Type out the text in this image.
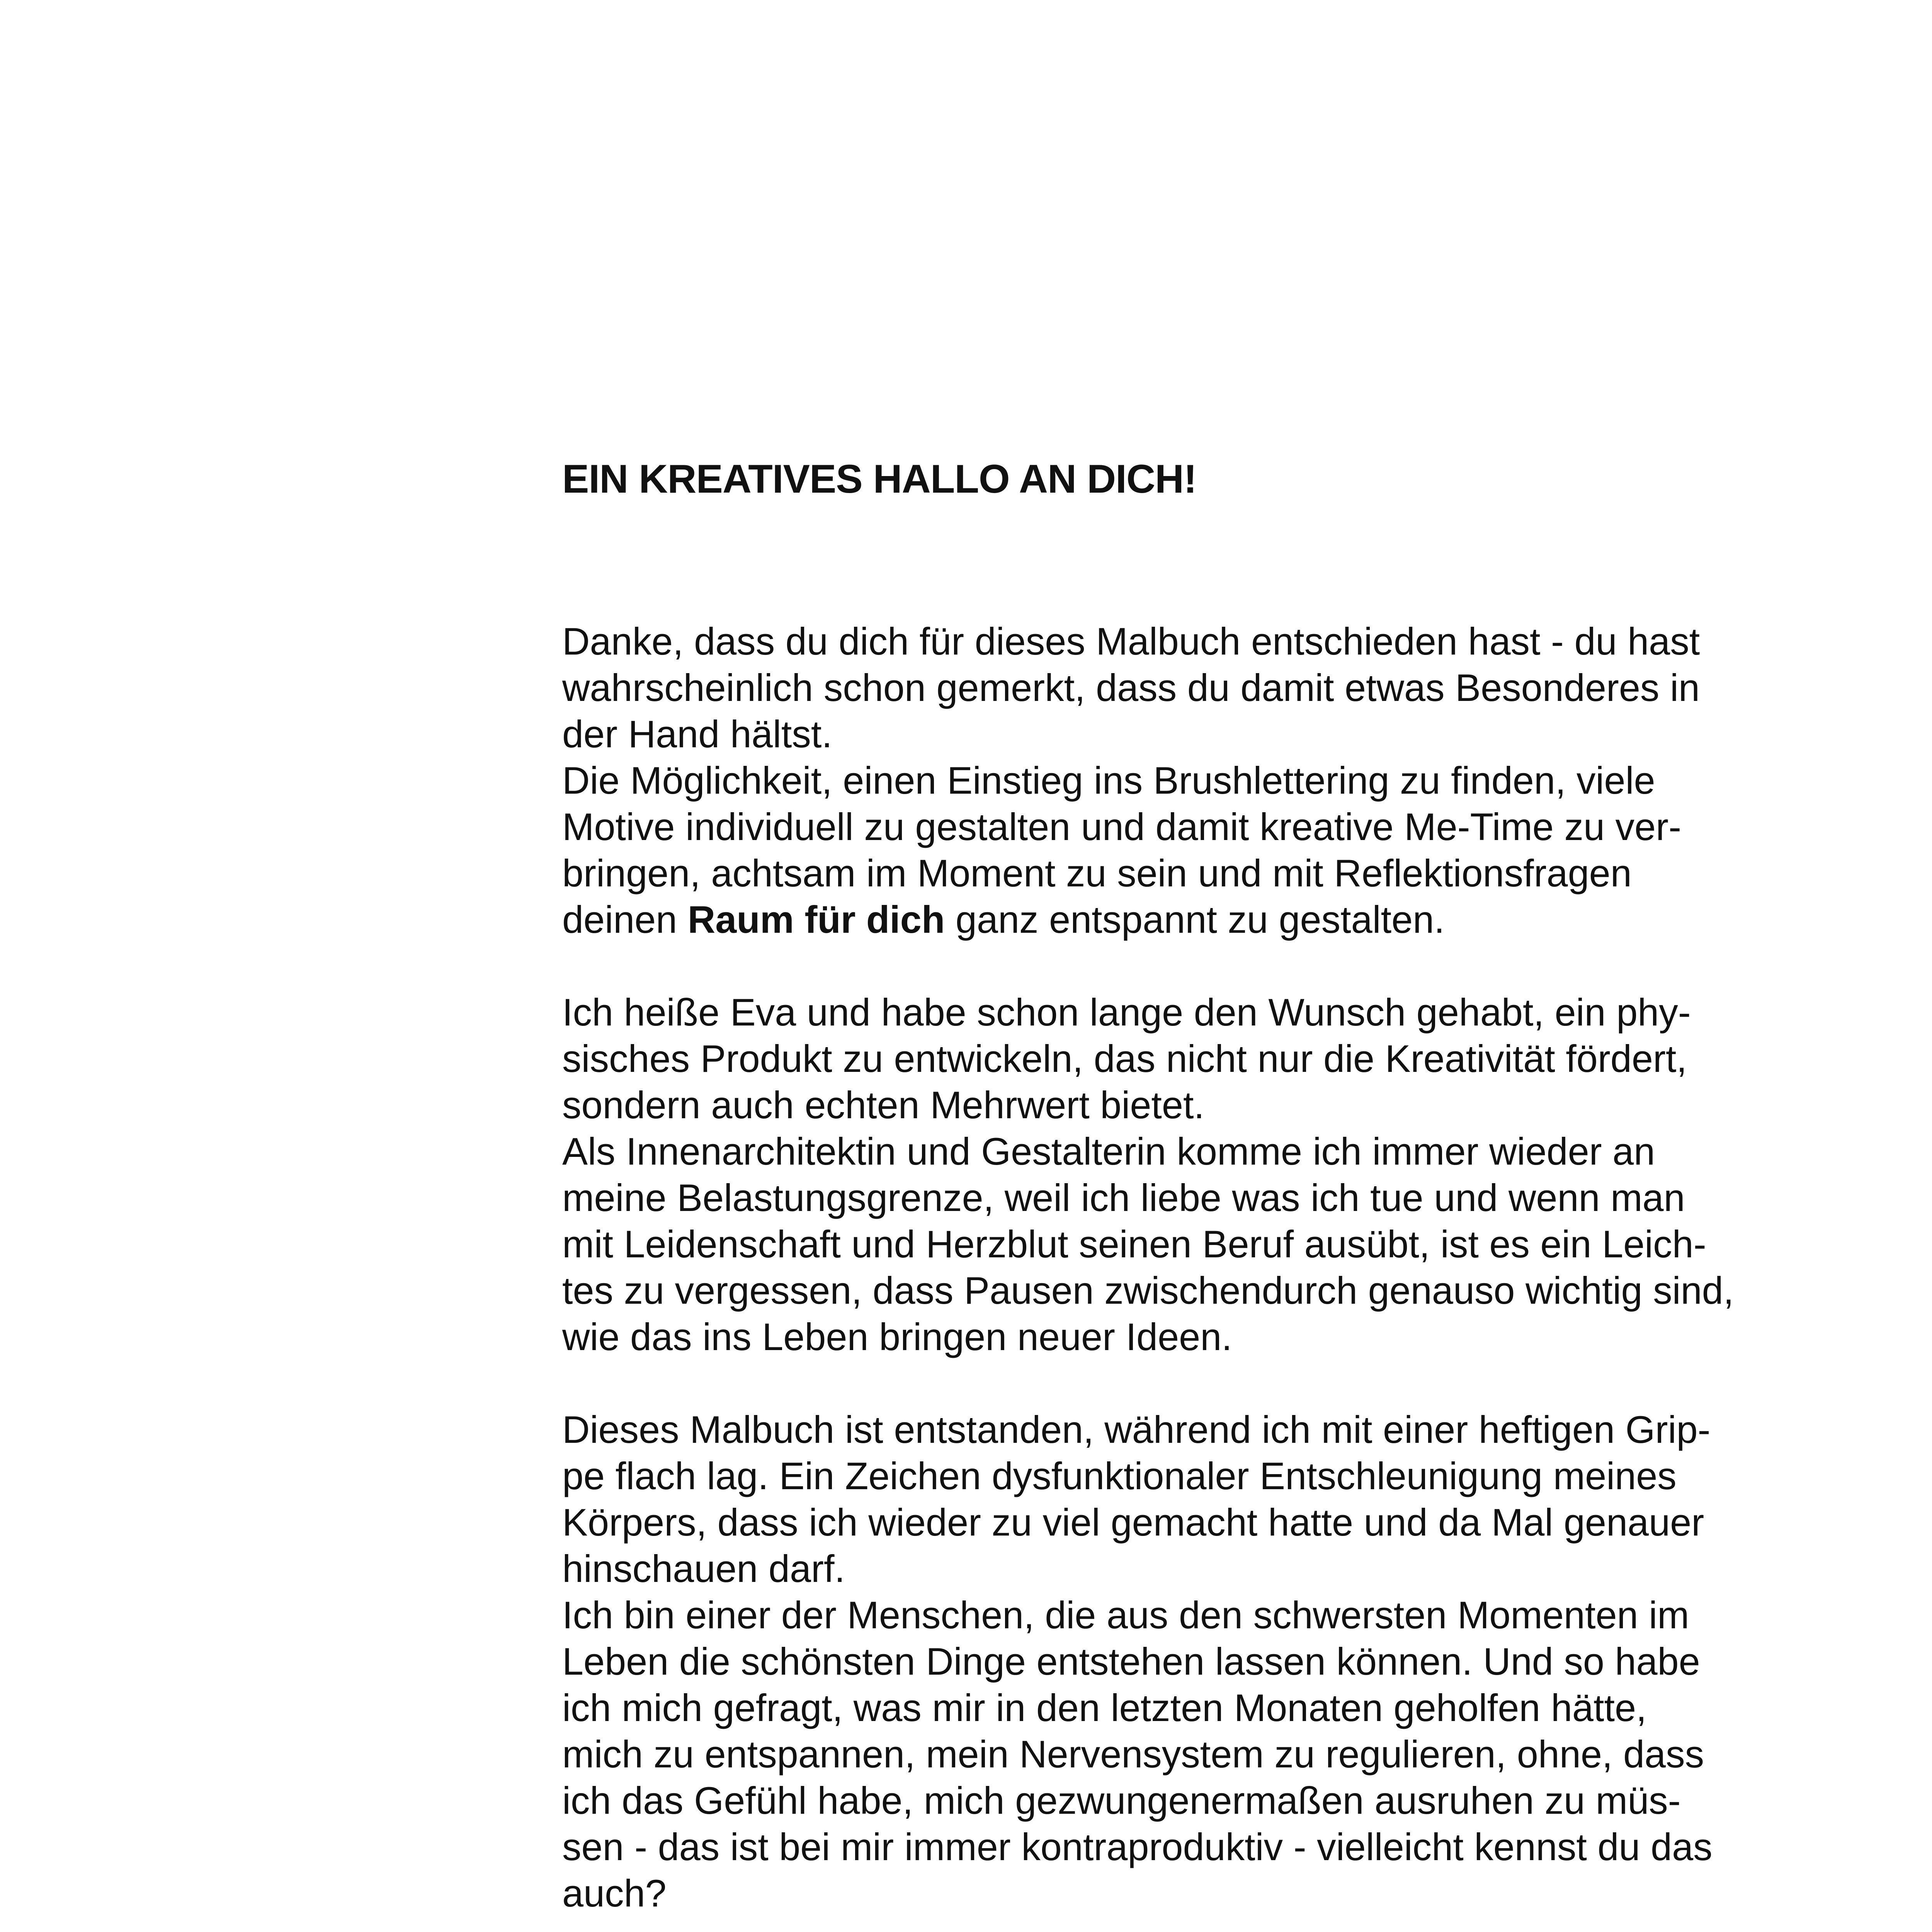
EIN KREATIVES HALLO AN DICH!

Danke, dass du dich für dieses Malbuch entschieden hast - du hast
wahrscheinlich schon gemerkt, dass du damit etwas Besonderes in
der Hand hältst.
Die Möglichkeit, einen Einstieg ins Brushlettering zu finden, viele
Motive individuell zu gestalten und damit kreative Me-Time zu ver-
bringen, achtsam im Moment zu sein und mit Reflektionsfragen
deinen Raum für dich ganz entspannt zu gestalten.

Ich heiße Eva und habe schon lange den Wunsch gehabt, ein phy-
sisches Produkt zu entwickeln, das nicht nur die Kreativität fördert,
sondern auch echten Mehrwert bietet.
Als Innenarchitektin und Gestalterin komme ich immer wieder an
meine Belastungsgrenze, weil ich liebe was ich tue und wenn man
mit Leidenschaft und Herzblut seinen Beruf ausübt, ist es ein Leich-
tes zu vergessen, dass Pausen zwischendurch genauso wichtig sind,
wie das ins Leben bringen neuer Ideen.

Dieses Malbuch ist entstanden, während ich mit einer heftigen Grip-
pe flach lag. Ein Zeichen dysfunktionaler Entschleunigung meines
Körpers, dass ich wieder zu viel gemacht hatte und da Mal genauer
hinschauen darf.
Ich bin einer der Menschen, die aus den schwersten Momenten im
Leben die schönsten Dinge entstehen lassen können. Und so habe
ich mich gefragt, was mir in den letzten Monaten geholfen hätte,
mich zu entspannen, mein Nervensystem zu regulieren, ohne, dass
ich das Gefühl habe, mich gezwungenermaßen ausruhen zu müs-
sen - das ist bei mir immer kontraproduktiv - vielleicht kennst du das
auch?
